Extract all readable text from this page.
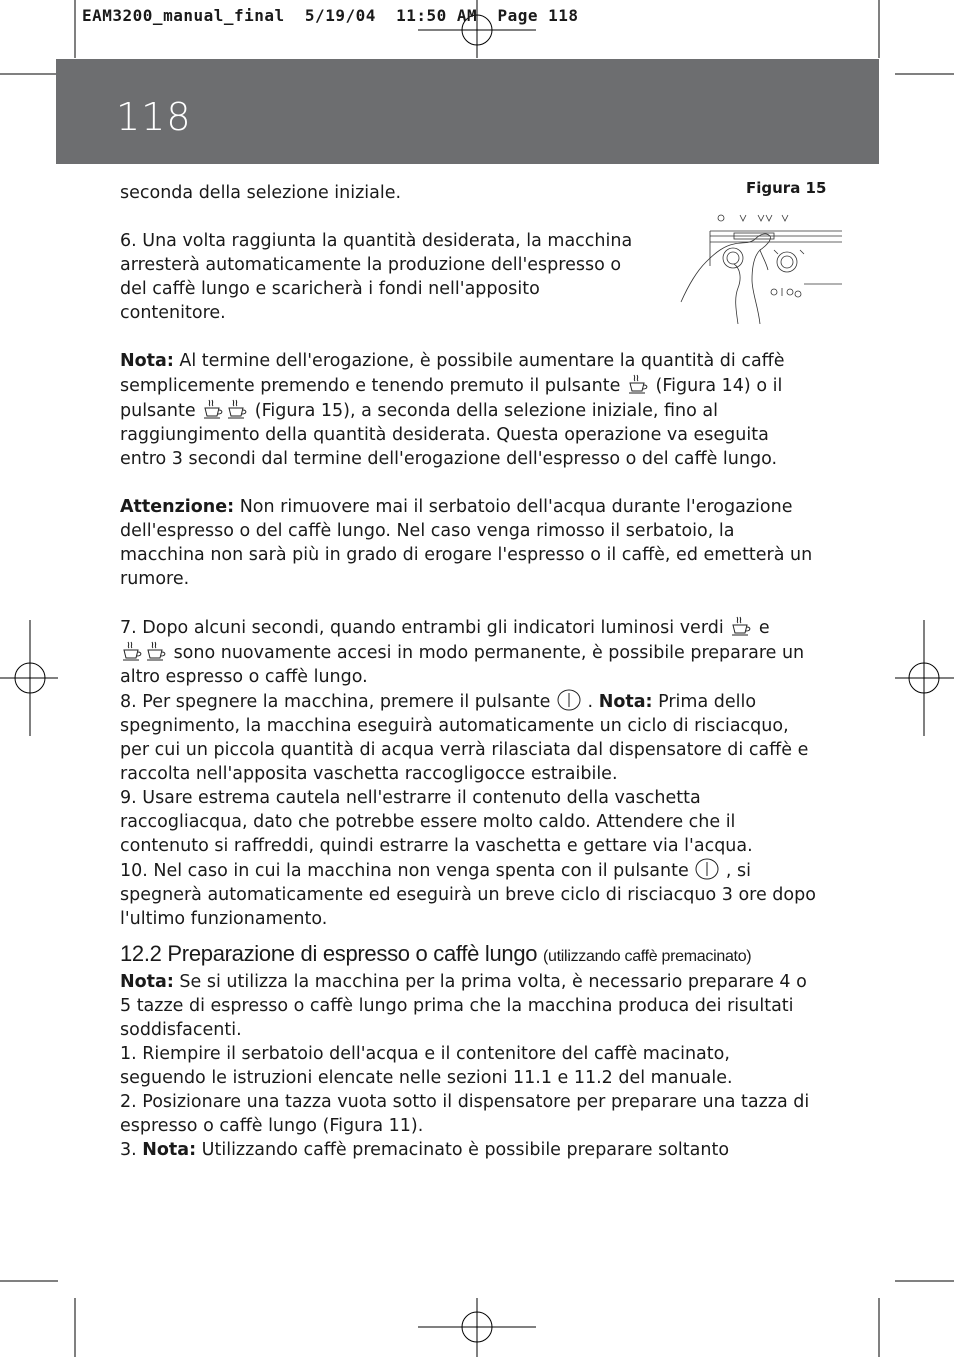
EAM3200_manual_final  5/19/04  11:50 AM  Page 118
118
Figura 15

seconda della selezione iniziale.

6. Una volta raggiunta la quantità desiderata, la macchina arresterà automaticamente la produzione dell'espresso o del caffè lungo e scaricherà i fondi nell'apposito contenitore.

Nota: Al termine dell'erogazione, è possibile aumentare la quantità di caffè semplicemente premendo e tenendo premuto il pulsante  (Figura 14) o il pulsante	(Figura 15), a seconda della selezione iniziale, fino al raggiungimento della quantità desiderata. Questa operazione va eseguita entro 3 secondi dal termine dell'erogazione dell'espresso o del caffè lungo.

Attenzione: Non rimuovere mai il serbatoio dell'acqua durante l'erogazione dell'espresso o del caffè lungo. Nel caso venga rimosso il serbatoio, la macchina non sarà più in grado di erogare l'espresso o il caffè, ed emetterà un rumore.

7. Dopo alcuni secondi, quando entrambi gli indicatori luminosi verdi  e  sono nuovamente accesi in modo permanente, è possibile preparare un altro espresso o caffè lungo.

8. Per spegnere la macchina, premere il pulsante  . Nota: Prima dello spegnimento, la macchina eseguirà automaticamente un ciclo di risciacquo, per cui un piccola quantità di acqua verrà rilasciata dal dispensatore di caffè e raccolta nell'apposita vaschetta raccogligocce estraibile.

9. Usare estrema cautela nell'estrarre il contenuto della vaschetta raccogliacqua, dato che potrebbe essere molto caldo. Attendere che il contenuto si raffreddi, quindi estrarre la vaschetta e gettare via l'acqua.

10. Nel caso in cui la macchina non venga spenta con il pulsante  , si spegnerà automaticamente ed eseguirà un breve ciclo di risciacquo 3 ore dopo l'ultimo funzionamento.

12.2 Preparazione di espresso o caffè lungo (utilizzando caffè premacinato)

Nota: Se si utilizza la macchina per la prima volta, è necessario preparare 4 o 5 tazze di espresso o caffè lungo prima che la macchina produca dei risultati soddisfacenti.

1. Riempire il serbatoio dell'acqua e il contenitore del caffè macinato, seguendo le istruzioni elencate nelle sezioni 11.1 e 11.2 del manuale.

2. Posizionare una tazza vuota sotto il dispensatore per preparare una tazza di espresso o caffè lungo (Figura 11).

3. Nota: Utilizzando caffè premacinato è possibile preparare soltanto
